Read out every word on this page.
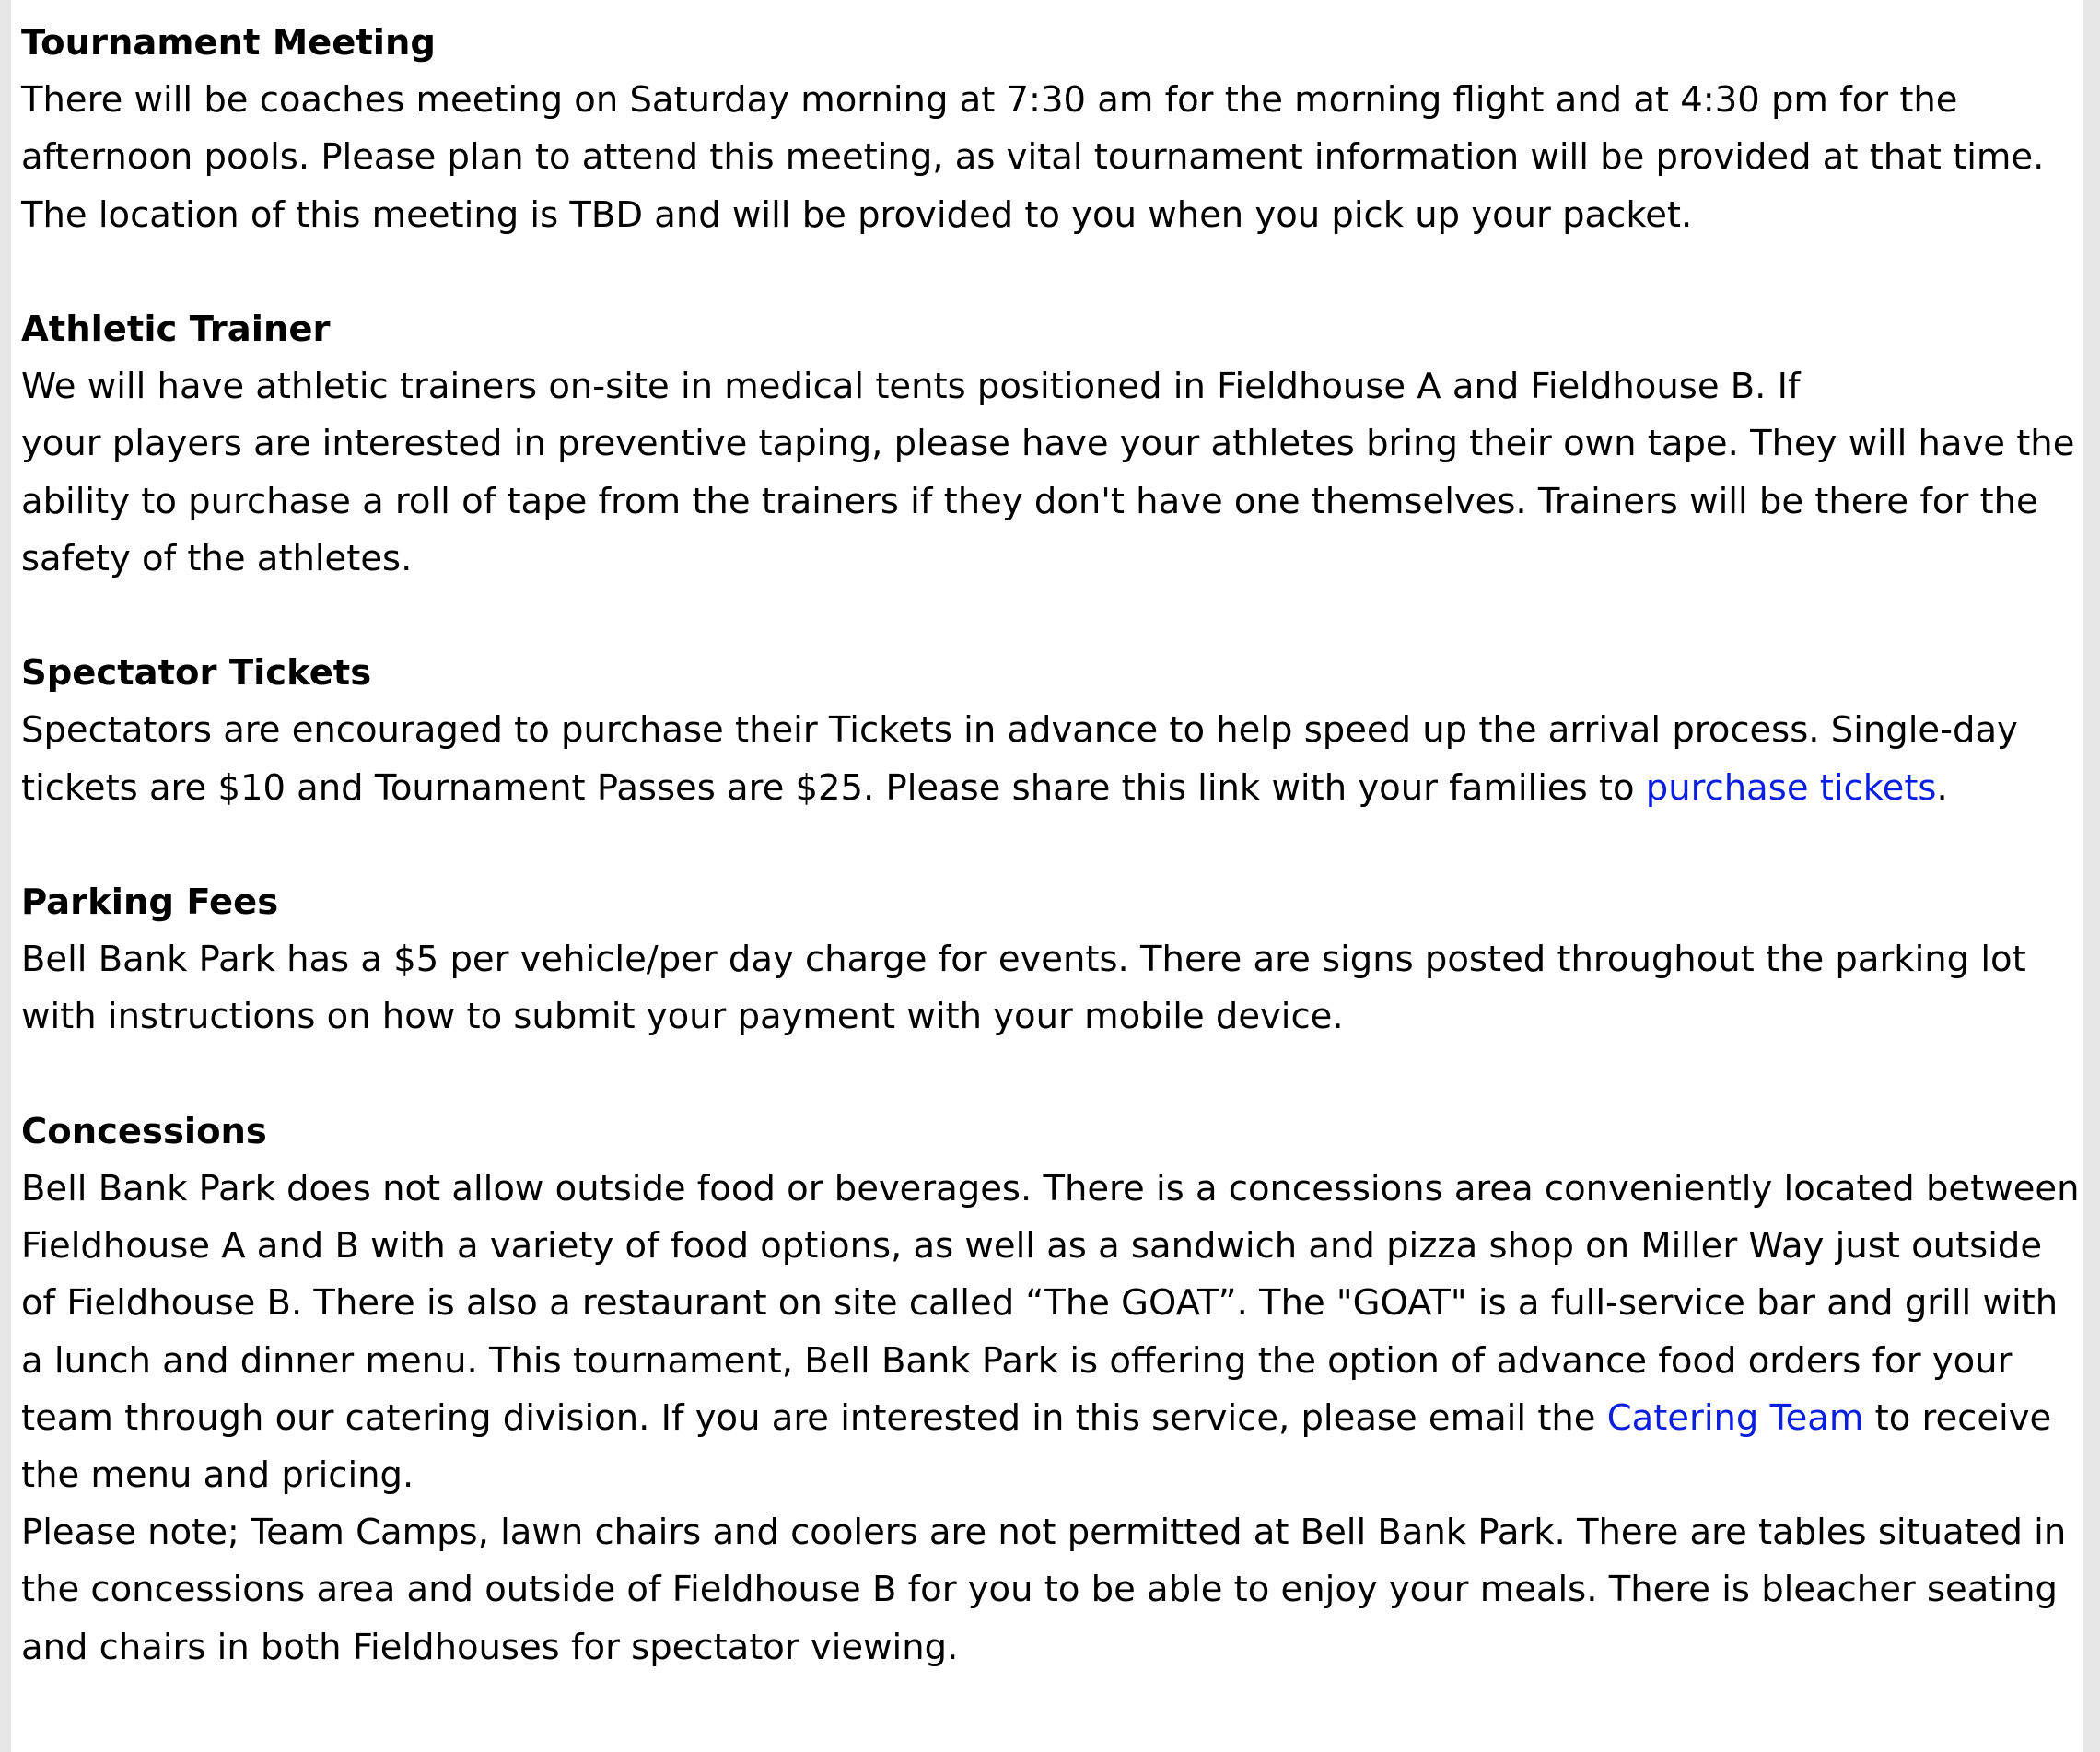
Tournament Meeting

There will be coaches meeting on Saturday morning at 7:30 am for the morning flight and at 4:30 pm for the afternoon pools. Please plan to attend this meeting, as vital tournament information will be provided at that time. The location of this meeting is TBD and will be provided to you when you pick up your packet.

Athletic Trainer

We will have athletic trainers on-site in medical tents positioned in Fieldhouse A and Fieldhouse B. If
your players are interested in preventive taping, please have your athletes bring their own tape. They will have the ability to purchase a roll of tape from the trainers if they don't have one themselves. Trainers will be there for the safety of the athletes.

Spectator Tickets

Spectators are encouraged to purchase their Tickets in advance to help speed up the arrival process. Single-day tickets are $10 and Tournament Passes are $25. Please share this link with your families to purchase tickets.

Parking Fees

Bell Bank Park has a $5 per vehicle/per day charge for events. There are signs posted throughout the parking lot with instructions on how to submit your payment with your mobile device.

Concessions

Bell Bank Park does not allow outside food or beverages. There is a concessions area conveniently located between Fieldhouse A and B with a variety of food options, as well as a sandwich and pizza shop on Miller Way just outside of Fieldhouse B. There is also a restaurant on site called “The GOAT”. The "GOAT" is a full-service bar and grill with a lunch and dinner menu. This tournament, Bell Bank Park is offering the option of advance food orders for your team through our catering division. If you are interested in this service, please email the Catering Team to receive the menu and pricing.

Please note; Team Camps, lawn chairs and coolers are not permitted at Bell Bank Park. There are tables situated in the concessions area and outside of Fieldhouse B for you to be able to enjoy your meals. There is bleacher seating and chairs in both Fieldhouses for spectator viewing.
